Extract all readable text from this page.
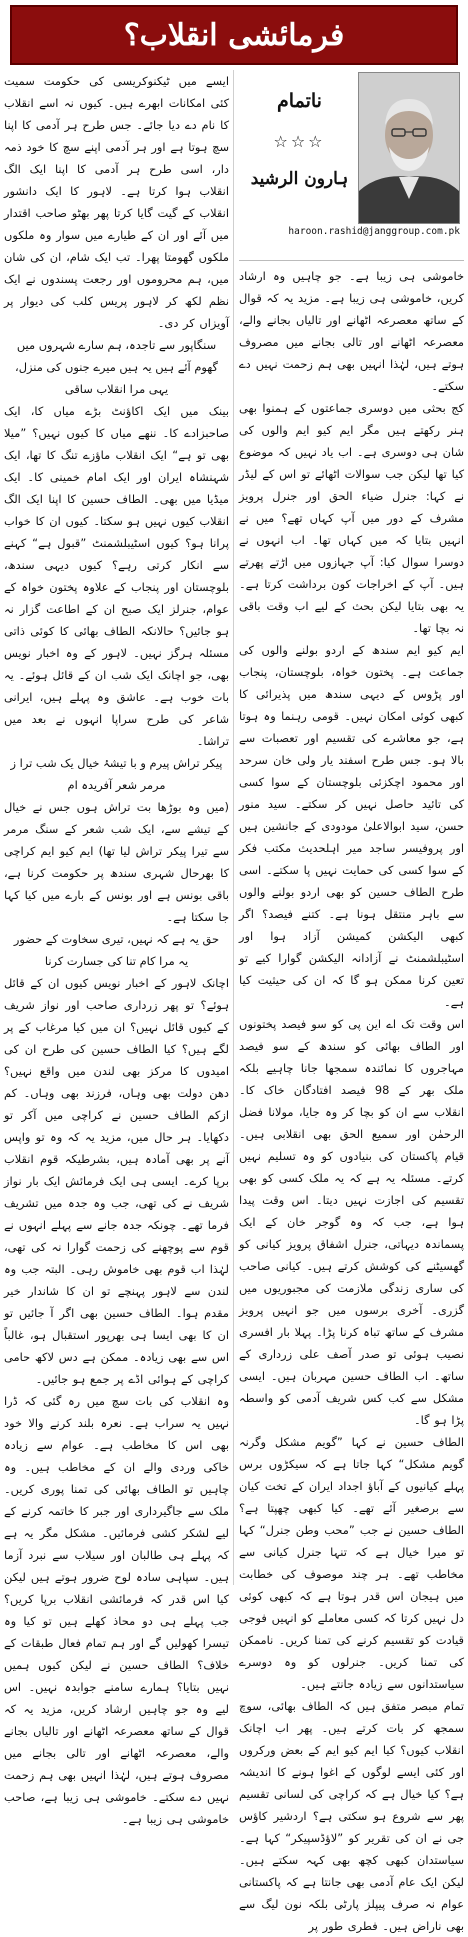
فرمائشی انقلاب؟
ناتمام
☆☆☆
ہارون الرشید
haroon.rashid@janggroup.com.pk

خاموشی ہی زیبا ہے۔ جو چاہیں وہ ارشاد کریں، خاموشی ہی زیبا ہے۔ مزید یہ کہ قوال کے ساتھ معصرعہ اٹھانے اور تالیاں بجانے والے، معصرعہ اٹھانے اور تالی بجانے میں مصروف ہوتے ہیں، لہٰذا انہیں بھی ہم زحمت نہیں دے سکتے۔

کج بحثی میں دوسری جماعتوں کے ہمنوا بھی ہنر رکھتے ہیں مگر ایم کیو ایم والوں کی شان ہی دوسری ہے۔ اب یاد نہیں کہ موضوع کیا تھا لیکن جب سوالات اٹھائے تو اس کے لیڈر نے کہا: جنرل ضیاء الحق اور جنرل پرویز مشرف کے دور میں آپ کہاں تھے؟ میں نے انہیں بتایا کہ میں کہاں تھا۔ اب انہوں نے دوسرا سوال کیا: آپ جہازوں میں اڑتے پھرتے ہیں۔ آپ کے اخراجات کون برداشت کرتا ہے۔ یہ بھی بتایا لیکن بحث کے لیے اب وقت باقی نہ بچا تھا۔

ایم کیو ایم سندھ کے اردو بولنے والوں کی جماعت ہے۔ پختون خواہ، بلوچستان، پنجاب اور پڑوس کے دیہی سندھ میں پذیرائی کا کبھی کوئی امکان نہیں۔ قومی رہنما وہ ہوتا ہے، جو معاشرے کی تقسیم اور تعصبات سے بالا ہو۔ جس طرح اسفند یار ولی خان سرحد اور محمود اچکزئی بلوچستان کے سوا کسی کی تائید حاصل نہیں کر سکتے۔ سید منور حسن، سید ابوالاعلیٰ مودودی کے جانشین ہیں اور پروفیسر ساجد میر اہلحدیث مکتب فکر کے سوا کسی کی حمایت نہیں پا سکتے۔ اسی طرح الطاف حسین کو بھی اردو بولنے والوں سے باہر منتقل ہونا ہے۔ کتنے فیصد؟ اگر کبھی الیکشن کمیشن آزاد ہوا اور اسٹیبلشمنٹ نے آزادانہ الیکشن گوارا کیے تو تعین کرنا ممکن ہو گا کہ ان کی حیثیت کیا ہے۔

اس وقت تک اے این پی کو سو فیصد پختونوں اور الطاف بھائی کو سندھ کے سو فیصد مہاجروں کا نمائندہ سمجھا جانا چاہیے بلکہ ملک بھر کے 98 فیصد افتادگان خاک کا۔ انقلاب سے ان کو بچا کر وہ جایا، مولانا فضل الرحمٰن اور سمیع الحق بھی انقلابی ہیں۔ قیام پاکستان کی بنیادوں کو وہ تسلیم نہیں کرتے۔ مسئلہ یہ ہے کہ یہ ملک کسی کو بھی تقسیم کی اجازت نہیں دیتا۔ اس وقت پیدا ہوا ہے، جب کہ وہ گوجر خان کے ایک پسماندہ دیہاتی، جنرل اشفاق پرویز کیانی کو گھسیٹنے کی کوشش کرتے ہیں۔ کیانی صاحب کی ساری زندگی ملازمت کی مجبوریوں میں گزری۔ آخری برسوں میں جو انہیں پرویز مشرف کے ساتھ تباہ کرنا پڑا۔ پہلا بار افسری نصیب ہوئی تو صدر آصف علی زرداری کے ساتھ۔ اب الطاف حسین مہربان ہیں۔ ایسی مشکل سے کب کس شریف آدمی کو واسطہ پڑا ہو گا۔

الطاف حسین نے کہا ”گویم مشکل وگرنہ گویم مشکل“ کہا جاتا ہے کہ سیکڑوں برس پہلے کیانیوں کے آباؤ اجداد ایران کے تخت کیان سے برصغیر آئے تھے۔ کیا کبھی چھپتا ہے؟ الطاف حسین نے جب ”محب وطن جنرل“ کہا تو میرا خیال ہے کہ تنہا جنرل کیانی سے مخاطب تھے۔ ہر چند موصوف کی خطابت میں ہیجان اس قدر ہوتا ہے کہ کبھی کوئی دل نہیں کرتا کہ کسی معاملے کو انہیں فوجی قیادت کو تقسیم کرنے کی تمنا کریں۔ ناممکن کی تمنا کریں۔ جنرلوں کو وہ دوسرے سیاستدانوں سے زیادہ جانتے ہیں۔

تمام مبصر متفق ہیں کہ الطاف بھائی، سوچ سمجھ کر بات کرتے ہیں۔ پھر اب اچانک انقلاب کیوں؟ کیا ایم کیو ایم کے بعض ورکروں اور کئی ایسے لوگوں کے اغوا ہونے کا اندیشہ ہے؟ کیا خیال ہے کہ کراچی کی لسانی تقسیم پھر سے شروع ہو سکتی ہے؟ اردشیر کاؤس جی نے ان کی تقریر کو ”لاؤڈسپیکر“ کہا ہے۔ سیاستدان کبھی کچھ بھی کہہ سکتے ہیں۔ لیکن ایک عام آدمی بھی جانتا ہے کہ پاکستانی عوام نہ صرف پیپلز پارٹی بلکہ نون لیگ سے بھی ناراض ہیں۔ فطری طور پر

ایسے میں ٹیکنوکریسی کی حکومت سمیت کئی امکانات ابھرے ہیں۔ کیوں نہ اسے انقلاب کا نام دے دیا جائے۔ جس طرح ہر آدمی کا اپنا سچ ہوتا ہے اور ہر آدمی اپنے سچ کا خود ذمہ دار، اسی طرح ہر آدمی کا اپنا ایک الگ انقلاب ہوا کرتا ہے۔ لاہور کا ایک دانشور انقلاب کے گیت گایا کرتا پھر بھٹو صاحب اقتدار میں آئے اور ان کے طیارے میں سوار وہ ملکوں ملکوں گھومتا پھرا۔ تب ایک شام، ان کی شان میں، ہم محروموں اور رجعت پسندوں نے ایک نظم لکھ کر لاہور پریس کلب کی دیوار پر آویزاں کر دی۔

سنگاپور سے تاجدہ، ہم سارے شہروں میں گھوم آئے ہیں یہ ہیں میرے جنوں کی منزل، یہی مرا انقلاب ساقی

بینک میں ایک اکاؤنٹ بڑے میاں کا، ایک صاحبزادے کا۔ ننھے میاں کا کیوں نہیں؟ ”میلا بھی تو ہے“ ایک انقلاب ماؤزے تنگ کا تھا، ایک شہنشاہ ایران اور ایک امام خمینی کا۔ ایک میڈیا میں بھی۔ الطاف حسین کا اپنا ایک الگ انقلاب کیوں نہیں ہو سکتا۔ کیوں ان کا خواب پرانا ہو؟ کیوں اسٹیبلشمنٹ ”قبول ہے“ کہنے سے انکار کرتی رہے؟ کیوں دیہی سندھ، بلوچستان اور پنجاب کے علاوہ پختون خواہ کے عوام، جنرلز ایک صبح ان کے اطاعت گزار نہ ہو جائیں؟ حالانکہ الطاف بھائی کا کوئی ذاتی مسئلہ ہرگز نہیں۔ لاہور کے وہ اخبار نویس بھی، جو اچانک ایک شب ان کے قائل ہوئے۔ یہ بات خوب ہے۔ عاشق وہ پہلے ہیں، ایرانی شاعر کی طرح سراپا انہوں نے بعد میں تراشا۔

پیکر تراش پیرم و با تیشۂ خیال یک شب ترا ز مرمر شعر آفریدہ ام

(میں وہ بوڑھا بت تراش ہوں جس نے خیال کے تیشے سے، ایک شب شعر کے سنگ مرمر سے تیرا پیکر تراش لیا تھا) ایم کیو ایم کراچی کا بھرحال شہری سندھ پر حکومت کرنا ہے، باقی بونس ہے اور بونس کے بارے میں کیا کہا جا سکتا ہے۔

حق یہ ہے کہ نہیں، تیری سخاوت کے حضور

یہ مرا کام تنا کی جسارت کرنا

اچانک لاہور کے اخبار نویس کیوں ان کے قائل ہوئے؟ تو پھر زرداری صاحب اور نواز شریف کے کیوں قائل نہیں؟ ان میں کیا مرغاب کے پر لگے ہیں؟ کیا الطاف حسین کی طرح ان کی امیدوں کا مرکز بھی لندن میں واقع نہیں؟ دھن دولت بھی وہاں، فرزند بھی وہاں۔ کم ازکم الطاف حسین نے کراچی میں آکر تو دکھایا۔ ہر حال میں، مزید یہ کہ وہ تو واپس آنے پر بھی آمادہ ہیں، بشرطیکہ قوم انقلاب برپا کرے۔ ایسی ہی ایک فرمائش ایک بار نواز شریف نے کی تھی، جب وہ جدہ میں تشریف فرما تھے۔ چونکہ جدہ جانے سے پہلے انہوں نے قوم سے پوچھنے کی زحمت گوارا نہ کی تھی، لہٰذا اب قوم بھی خاموش رہی۔ البتہ جب وہ لندن سے لاہور پہنچے تو ان کا شاندار خیر مقدم ہوا۔ الطاف حسین بھی اگر آ جائیں تو ان کا بھی ایسا ہی بھرپور استقبال ہو، غالباً اس سے بھی زیادہ۔ ممکن ہے دس لاکھ حامی کراچی کے ہوائی اڈے پر جمع ہو جائیں۔

وہ انقلاب کی بات سچ میں رہ گئی کہ ڈرا نہیں یہ سراب ہے۔ نعرہ بلند کرنے والا خود بھی اس کا مخاطب ہے۔ عوام سے زیادہ خاکی وردی والے ان کے مخاطب ہیں۔ وہ چاہیں تو الطاف بھائی کی تمنا پوری کریں۔ ملک سے جاگیرداری اور جبر کا خاتمہ کرنے کے لیے لشکر کشی فرمائیں۔ مشکل مگر یہ ہے کہ پہلے ہی طالبان اور سیلاب سے نبرد آزما ہیں۔ سپاہی سادہ لوح ضرور ہوتے ہیں لیکن کیا اس قدر کہ فرمائشی انقلاب برپا کریں؟ جب پہلے ہی دو محاذ کھلے ہیں تو کیا وہ تیسرا کھولیں گے اور ہم تمام فعال طبقات کے خلاف؟ الطاف حسین نے لیکن کیوں ہمیں نہیں بتایا؟ ہمارے سامنے جوابدہ نہیں۔ اس لیے وہ جو چاہیں ارشاد کریں، مزید یہ کہ قوال کے ساتھ معصرعہ اٹھانے اور تالیاں بجانے والے، معصرعہ اٹھانے اور تالی بجانے میں مصروف ہوتے ہیں، لہٰذا انہیں بھی ہم زحمت نہیں دے سکتے۔ خاموشی ہی زیبا ہے، صاحب خاموشی ہی زیبا ہے۔
